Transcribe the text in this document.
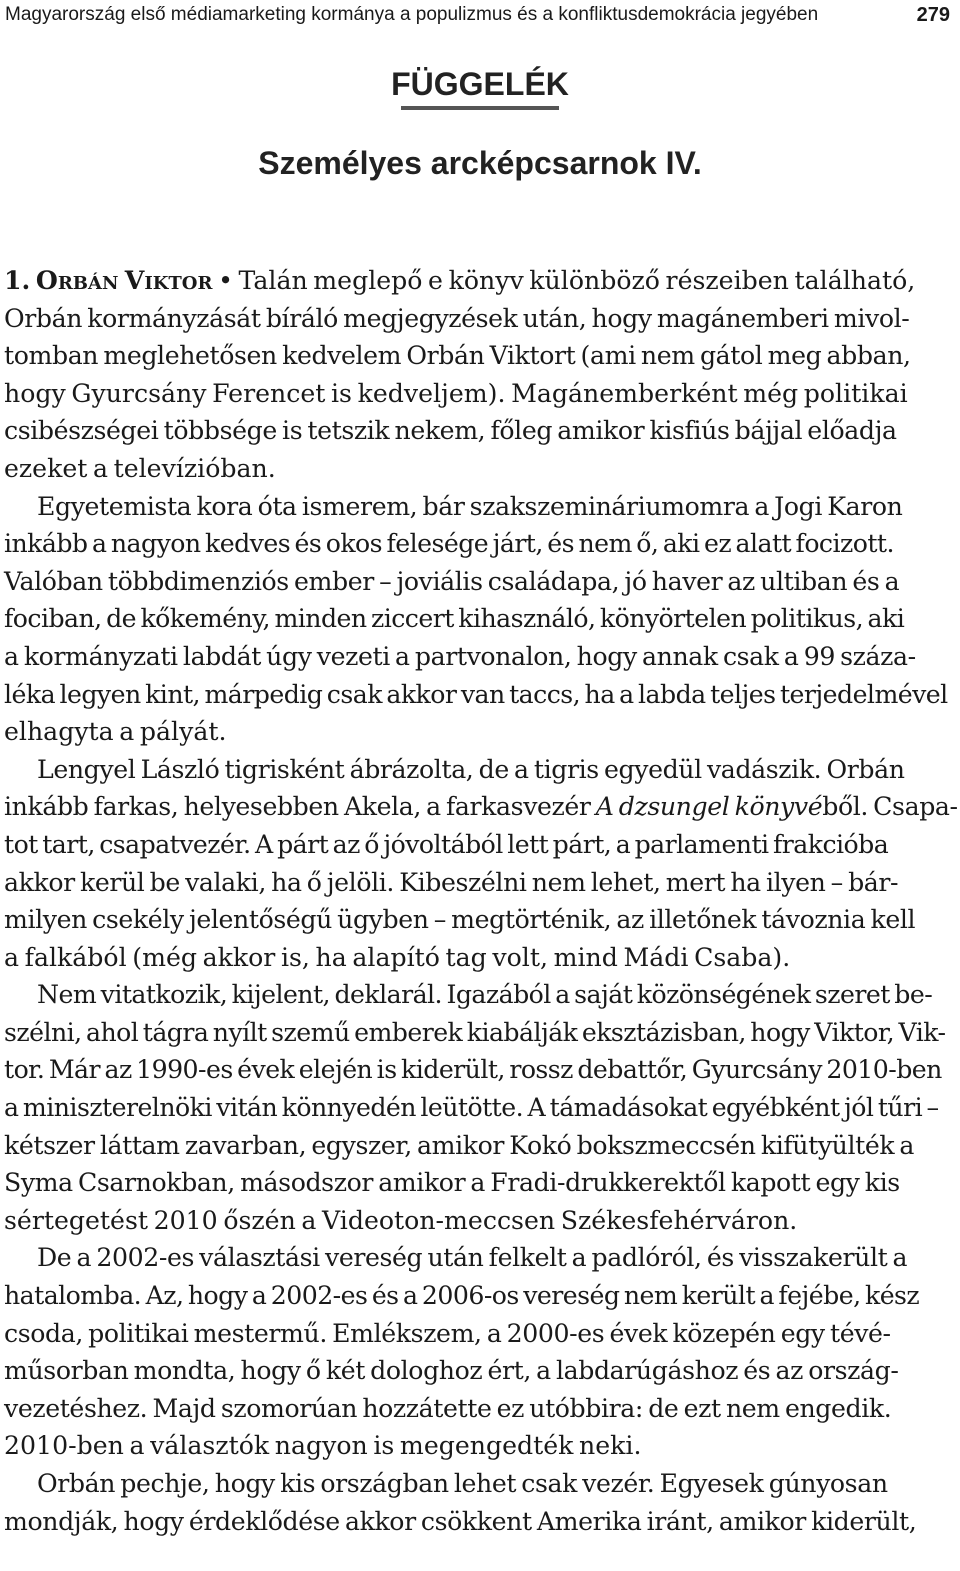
Magyarország első médiamarketing kormánya a populizmus és a konfliktusdemokrácia jegyében	279
FÜGGELÉK
Személyes arcképcsarnok IV.
1. Orbán Viktor • Talán meglepő e könyv különböző részeiben található,
Orbán kormányzását bíráló megjegyzések után, hogy magánemberi mivol-
tomban meglehetősen kedvelem Orbán Viktort (ami nem gátol meg abban,
hogy Gyurcsány Ferencet is kedveljem). Magánemberként még politikai
csibészségei többsége is tetszik nekem, főleg amikor kisfiús bájjal előadja
ezeket a televízióban.
Egyetemista kora óta ismerem, bár szakszemináriumomra a Jogi Karon
inkább a nagyon kedves és okos felesége járt, és nem ő, aki ez alatt focizott.
Valóban többdimenziós ember – joviális családapa, jó haver az ultiban és a
fociban, de kőkemény, minden ziccert kihasználó, könyörtelen politikus, aki
a kormányzati labdát úgy vezeti a partvonalon, hogy annak csak a 99 száza-
léka legyen kint, márpedig csak akkor van taccs, ha a labda teljes terjedelmével
elhagyta a pályát.
Lengyel László tigrisként ábrázolta, de a tigris egyedül vadászik. Orbán
inkább farkas, helyesebben Akela, a farkasvezér A dzsungel könyvéből. Csapa-
tot tart, csapatvezér. A párt az ő jóvoltából lett párt, a parlamenti frakcióba
akkor kerül be valaki, ha ő jelöli. Kibeszélni nem lehet, mert ha ilyen – bár-
milyen csekély jelentőségű ügyben – megtörténik, az illetőnek távoznia kell
a falkából (még akkor is, ha alapító tag volt, mind Mádi Csaba).
Nem vitatkozik, kijelent, deklarál. Igazából a saját közönségének szeret be-
szélni, ahol tágra nyílt szemű emberek kiabálják eksztázisban, hogy Viktor, Vik-
tor. Már az 1990-es évek elején is kiderült, rossz debattőr, Gyurcsány 2010-ben
a miniszterelnöki vitán könnyedén leütötte. A támadásokat egyébként jól tűri –
kétszer láttam zavarban, egyszer, amikor Kokó bokszmeccsén kifütyülték a
Syma Csarnokban, másodszor amikor a Fradi-drukkerektől kapott egy kis
sértegetést 2010 őszén a Videoton-meccsen Székesfehérváron.
De a 2002-es választási vereség után felkelt a padlóról, és visszakerült a
hatalomba. Az, hogy a 2002-es és a 2006-os vereség nem került a fejébe, kész
csoda, politikai mestermű. Emlékszem, a 2000-es évek közepén egy tévé-
műsorban mondta, hogy ő két dologhoz ért, a labdarúgáshoz és az ország-
vezetéshez. Majd szomorúan hozzátette ez utóbbira: de ezt nem engedik.
2010-ben a választók nagyon is megengedték neki.
Orbán pechje, hogy kis országban lehet csak vezér. Egyesek gúnyosan
mondják, hogy érdeklődése akkor csökkent Amerika iránt, amikor kiderült,
